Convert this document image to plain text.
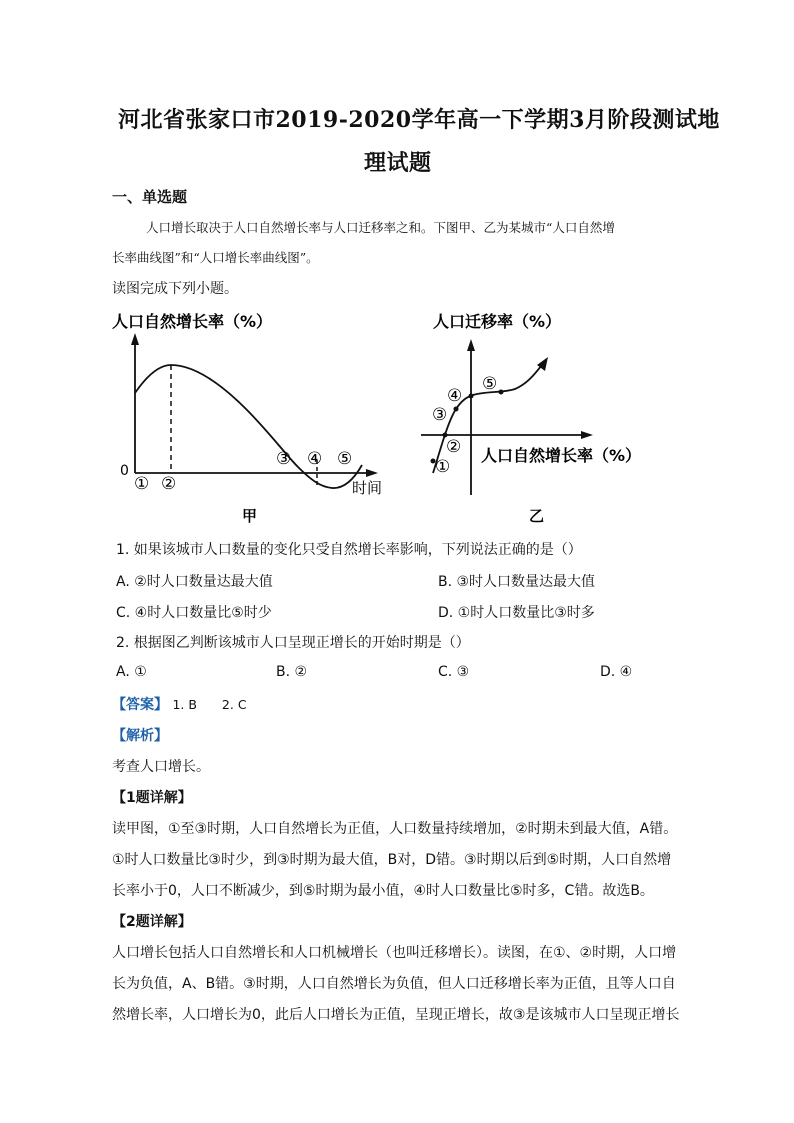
河北省张家口市2019-2020学年高一下学期3月阶段测试地
理试题
一、单选题
人口增长取决于人口自然增长率与人口迁移率之和。下图甲、乙为某城市“人口自然增
长率曲线图”和“人口增长率曲线图”。
读图完成下列小题。
人口自然增长率（%）
0
① ②
③ ④ ⑤
时间
甲
人口迁移率（%）
①
②
③
④
⑤
人口自然增长率（%）
乙
1. 如果该城市人口数量的变化只受自然增长率影响，下列说法正确的是（）
A. ②时人口数量达最大值	B. ③时人口数量达最大值
C. ④时人口数量比⑤时少	D. ①时人口数量比③时多
2. 根据图乙判断该城市人口呈现正增长的开始时期是（）
A. ①	B. ②	C. ③	D. ④
【答案】 1. B　　2. C
【解析】
考查人口增长。
【1题详解】
读甲图，①至③时期，人口自然增长为正值，人口数量持续增加，②时期未到最大值，A错。
①时人口数量比③时少，到③时期为最大值，B对，D错。③时期以后到⑤时期，人口自然增
长率小于0，人口不断减少，到⑤时期为最小值，④时人口数量比⑤时多，C错。故选B。
【2题详解】
人口增长包括人口自然增长和人口机械增长（也叫迁移增长）。读图，在①、②时期，人口增
长为负值，A、B错。③时期，人口自然增长为负值，但人口迁移增长率为正值，且等人口自
然增长率，人口增长为0，此后人口增长为正值，呈现正增长，故③是该城市人口呈现正增长
